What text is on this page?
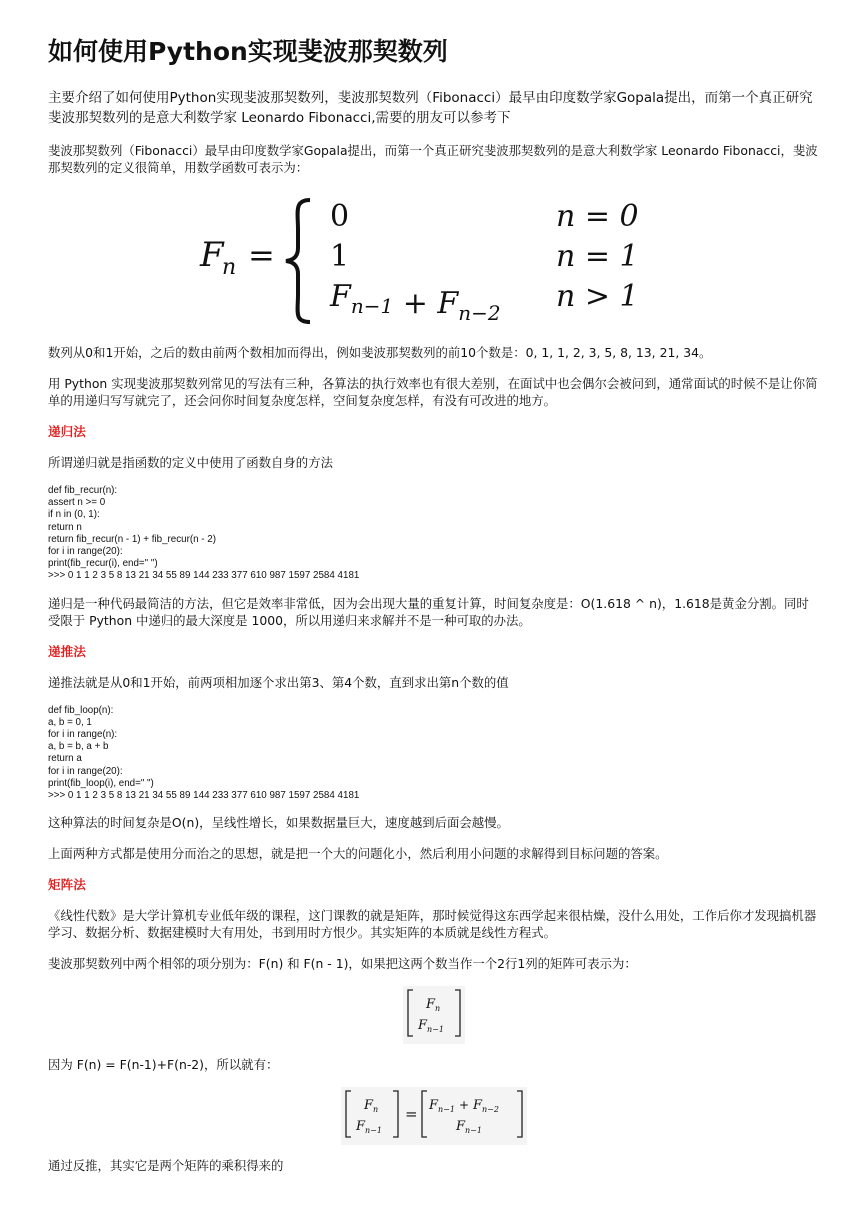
如何使用Python实现斐波那契数列
主要介绍了如何使用Python实现斐波那契数列，斐波那契数列（Fibonacci）最早由印度数学家Gopala提出，而第一个真正研究斐波那契数列的是意大利数学家 Leonardo Fibonacci,需要的朋友可以参考下

斐波那契数列（Fibonacci）最早由印度数学家Gopala提出，而第一个真正研究斐波那契数列的是意大利数学家 Leonardo Fibonacci，斐波那契数列的定义很简单，用数学函数可表示为：

F
n =
0
1
$F_{n-1} + F_{n-2}$
n = 0
n = 1
n > 1

数列从0和1开始，之后的数由前两个数相加而得出，例如斐波那契数列的前10个数是：0, 1, 1, 2, 3, 5, 8, 13, 21, 34。

用 Python 实现斐波那契数列常见的写法有三种，各算法的执行效率也有很大差别，在面试中也会偶尔会被问到，通常面试的时候不是让你简单的用递归写写就完了，还会问你时间复杂度怎样，空间复杂度怎样，有没有可改进的地方。

递归法

所谓递归就是指函数的定义中使用了函数自身的方法

def fib_recur(n):
assert n >= 0
if n in (0, 1):
return n
return fib_recur(n - 1) + fib_recur(n - 2)
for i in range(20):
print(fib_recur(i), end=" ")
>>> 0 1 1 2 3 5 8 13 21 34 55 89 144 233 377 610 987 1597 2584 4181

递归是一种代码最简洁的方法，但它是效率非常低，因为会出现大量的重复计算，时间复杂度是：O(1.618 ^ n)，1.618是黄金分割。同时受限于 Python 中递归的最大深度是 1000，所以用递归来求解并不是一种可取的办法。

递推法

递推法就是从0和1开始，前两项相加逐个求出第3、第4个数，直到求出第n个数的值

def fib_loop(n):
a, b = 0, 1
for i in range(n):
a, b = b, a + b
return a
for i in range(20):
print(fib_loop(i), end=" ")
>>> 0 1 1 2 3 5 8 13 21 34 55 89 144 233 377 610 987 1597 2584 4181

这种算法的时间复杂是O(n)，呈线性增长，如果数据量巨大，速度越到后面会越慢。

上面两种方式都是使用分而治之的思想，就是把一个大的问题化小，然后利用小问题的求解得到目标问题的答案。

矩阵法

《线性代数》是大学计算机专业低年级的课程，这门课教的就是矩阵，那时候觉得这东西学起来很枯燥，没什么用处，工作后你才发现搞机器学习、数据分析、数据建模时大有用处，书到用时方恨少。其实矩阵的本质就是线性方程式。

斐波那契数列中两个相邻的项分别为：F(n) 和 F(n - 1)，如果把这两个数当作一个2行1列的矩阵可表示为：

F n
F n−1

因为 F(n) = F(n-1)+F(n-2)，所以就有：

F n
F n−1
= F n−1 + F n−2
F n−1

通过反推，其实它是两个矩阵的乘积得来的
